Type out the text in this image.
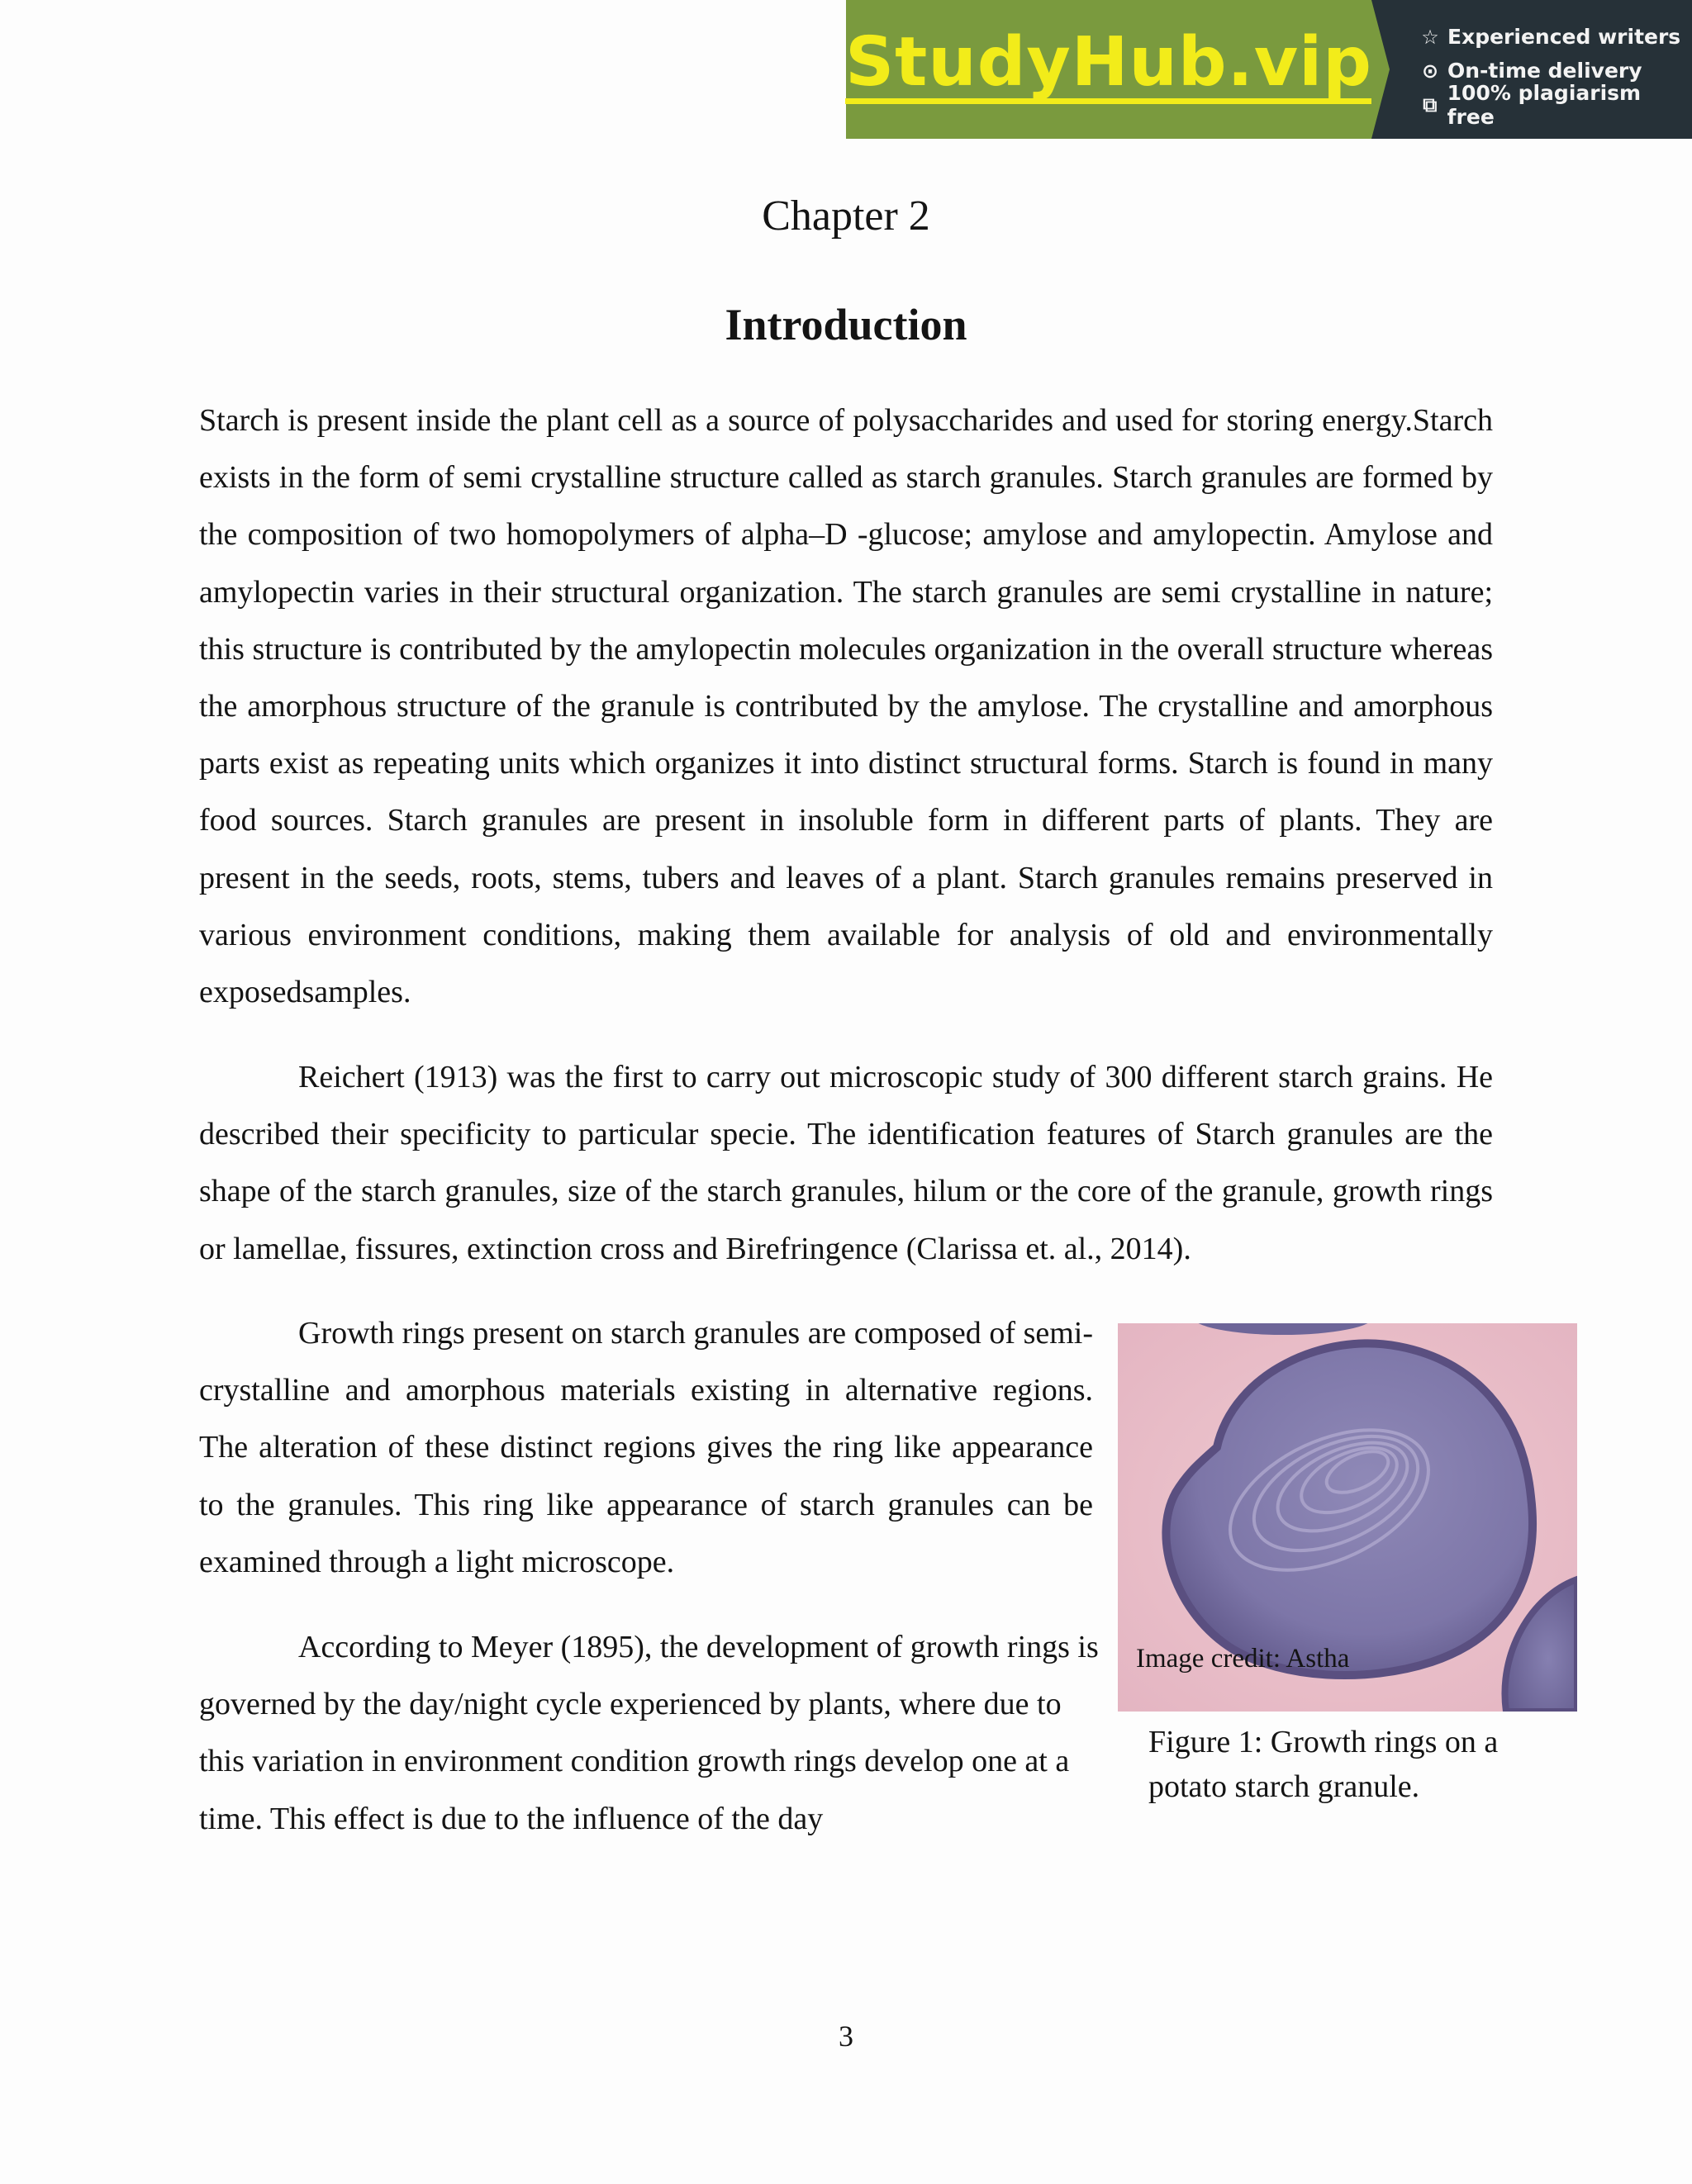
StudyHub.vip ☆ Experienced writers
⊙ On-time delivery
⧉ 100% plagiarism free
Chapter 2
Introduction

Starch is present inside the plant cell as a source of polysaccharides and used for storing energy.Starch exists in the form of semi crystalline structure called as starch granules. Starch granules are formed by the composition of two homopolymers of alpha–D -glucose; amylose and amylopectin. Amylose and amylopectin varies in their structural organization. The starch granules are semi crystalline in nature; this structure is contributed by the amylopectin molecules organization in the overall structure whereas the amorphous structure of the granule is contributed by the amylose. The crystalline and amorphous parts exist as repeating units which organizes it into distinct structural forms. Starch is found in many food sources. Starch granules are present in insoluble form in different parts of plants. They are present in the seeds, roots, stems, tubers and leaves of a plant. Starch granules remains preserved in various environment conditions, making them available for analysis of old and environmentally exposedsamples.

Reichert (1913) was the first to carry out microscopic study of 300 different starch grains. He described their specificity to particular specie. The identification features of Starch granules are the shape of the starch granules, size of the starch granules, hilum or the core of the granule, growth rings or lamellae, fissures, extinction cross and Birefringence (Clarissa et. al., 2014).

Growth rings present on starch granules are composed of semi-crystalline and amorphous materials existing in alternative regions. The alteration of these distinct regions gives the ring like appearance to the granules. This ring like appearance of starch granules can be examined through a light microscope.

According to Meyer (1895), the development of growth rings is governed by the day/night cycle experienced by plants, where due to this variation in environment condition growth rings develop one at a time. This effect is due to the influence of the day

Image credit: Astha
Figure 1: Growth rings on a potato starch granule.
3
